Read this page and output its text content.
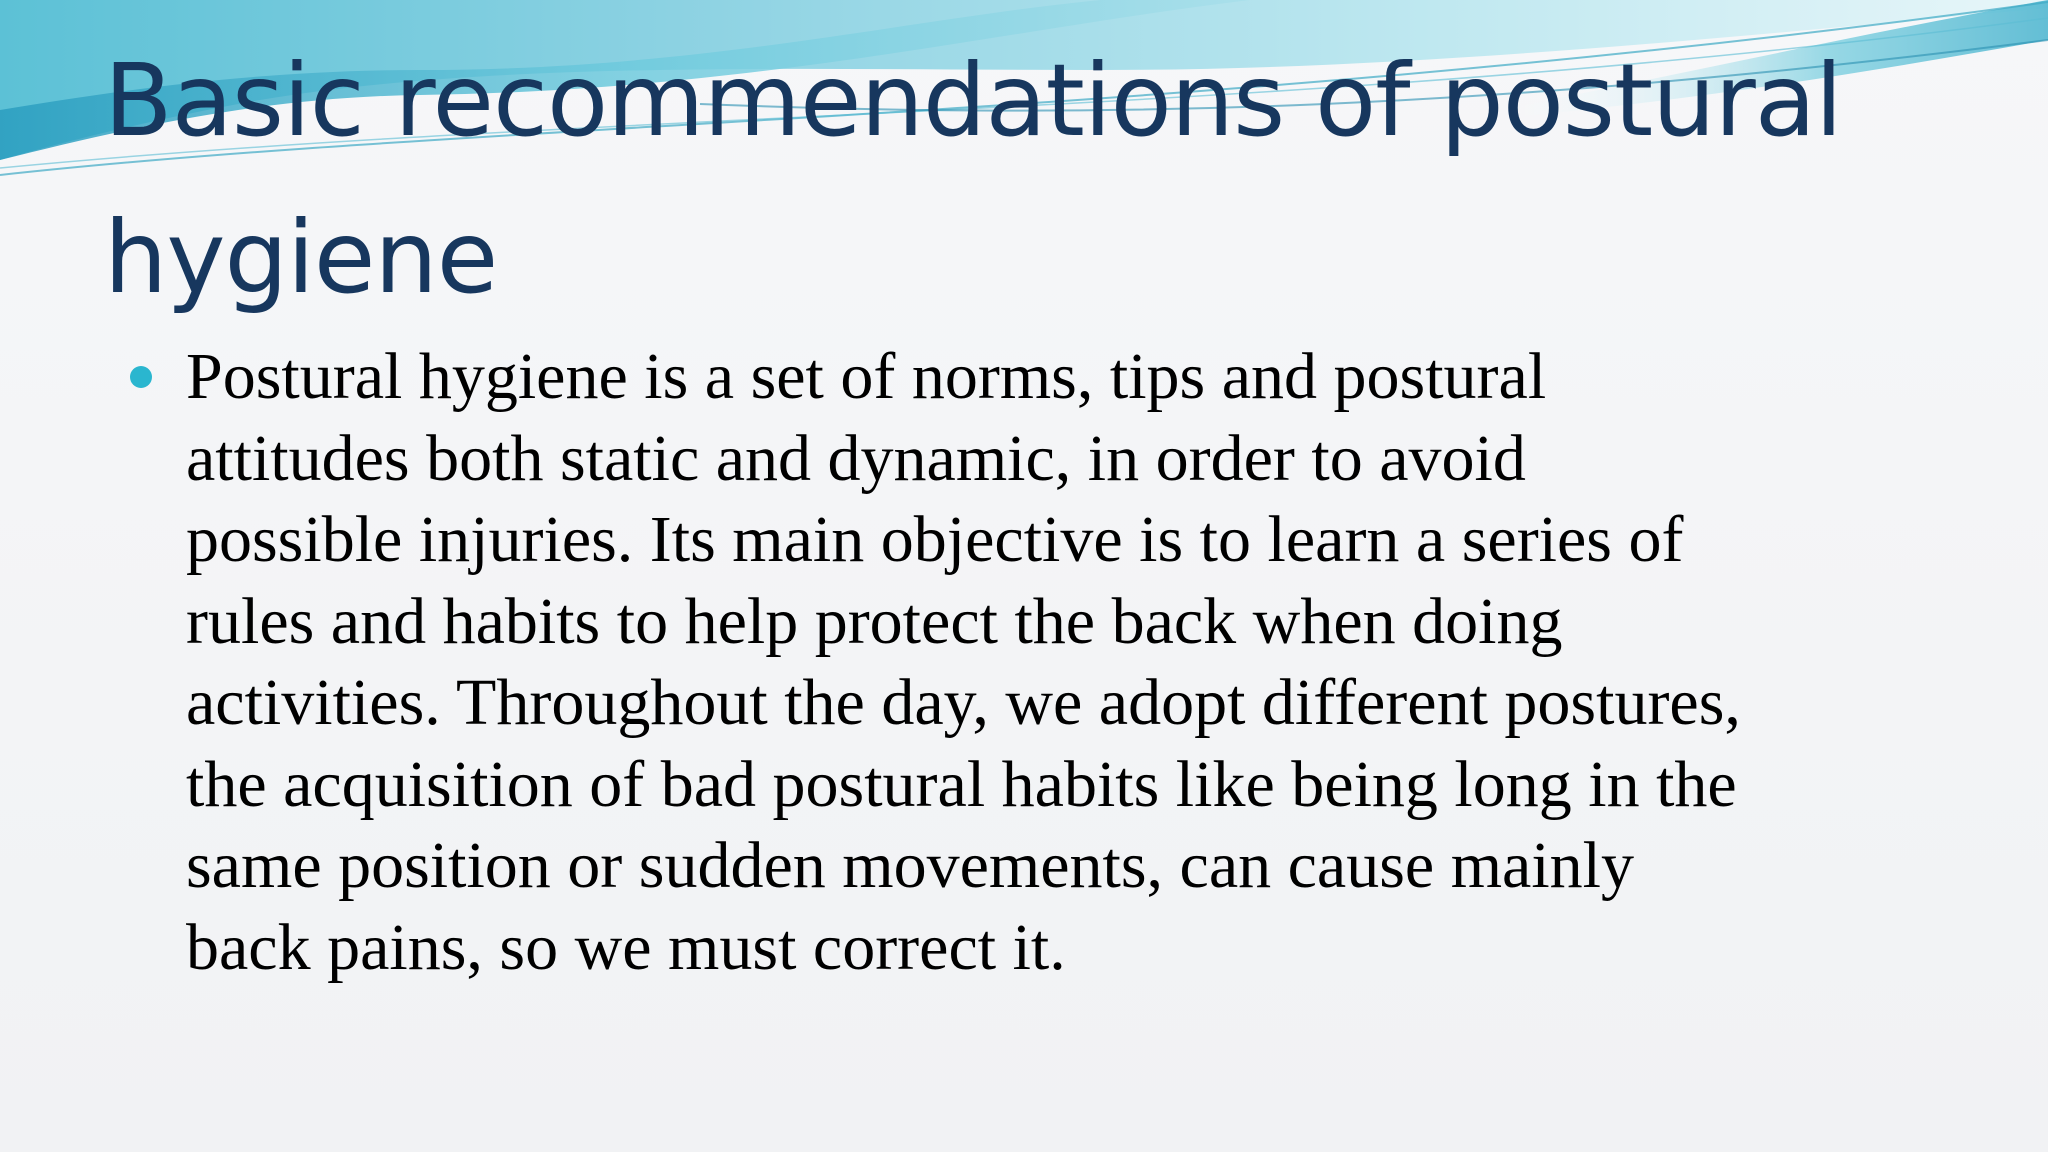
Basic recommendations of postural hygiene
Postural hygiene is a set of norms, tips and postural
attitudes both static and dynamic, in order to avoid
possible injuries. Its main objective is to learn a series of
rules and habits to help protect the back when doing
activities. Throughout the day, we adopt different postures,
the acquisition of bad postural habits like being long in the
same position or sudden movements, can cause mainly
back pains, so we must correct it.
